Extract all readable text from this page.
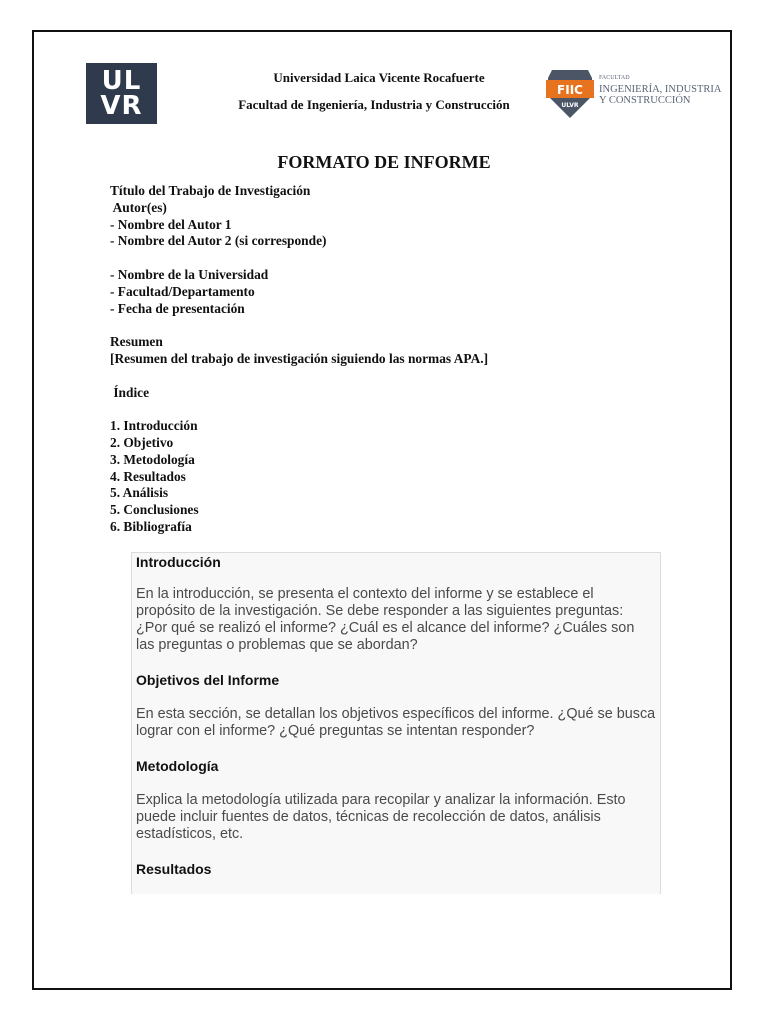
UL
VR
Universidad Laica Vicente Rocafuerte
Facultad de Ingeniería, Industria y Construcción
FIIC
ULVR
FACULTAD
INGENIERÍA, INDUSTRIA
Y CONSTRUCCIÓN
FORMATO DE INFORME
Título del Trabajo de Investigación
Autor(es)
- Nombre del Autor 1
- Nombre del Autor 2 (si corresponde)
- Nombre de la Universidad
- Facultad/Departamento
- Fecha de presentación
Resumen
[Resumen del trabajo de investigación siguiendo las normas APA.]
Índice
1. Introducción
2. Objetivo
3. Metodología
4. Resultados
5. Análisis
5. Conclusiones
6. Bibliografía
Introducción

En la introducción, se presenta el contexto del informe y se establece el propósito de la investigación. Se debe responder a las siguientes preguntas: ¿Por qué se realizó el informe? ¿Cuál es el alcance del informe? ¿Cuáles son las preguntas o problemas que se abordan?

Objetivos del Informe

En esta sección, se detallan los objetivos específicos del informe. ¿Qué se busca lograr con el informe? ¿Qué preguntas se intentan responder?

Metodología

Explica la metodología utilizada para recopilar y analizar la información. Esto puede incluir fuentes de datos, técnicas de recolección de datos, análisis estadísticos, etc.

Resultados
